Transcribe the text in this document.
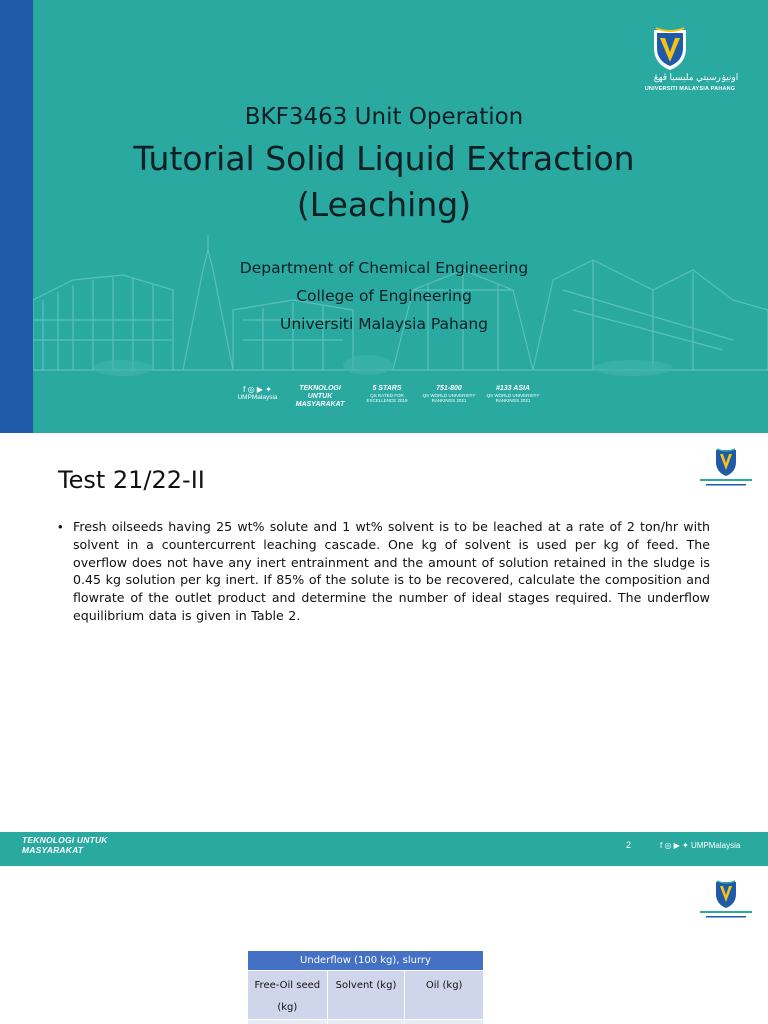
اونيۏرسيتي مليسيا ڤهڠ
UNIVERSITI MALAYSIA PAHANG
BKF3463 Unit Operation
Tutorial Solid Liquid Extraction (Leaching)
Department of Chemical Engineering
College of Engineering
Universiti Malaysia Pahang
f ◎ ▶ ✦
UMPMalaysia
TEKNOLOGI UNTUK MASYARAKAT
5 STARS
QS RATED FOR EXCELLENCE 2019
751-800
QS WORLD UNIVERSITY RANKINGS 2021
#133 ASIA
QS WORLD UNIVERSITY RANKINGS 2021
Test 21/22-II
• Fresh oilseeds having 25 wt% solute and 1 wt% solvent is to be leached at a rate of 2 ton/hr with solvent in a countercurrent leaching cascade. One kg of solvent is used per kg of feed. The overflow does not have any inert entrainment and the amount of solution retained in the sludge is 0.45 kg solution per kg inert. If 85% of the solute is to be recovered, calculate the composition and flowrate of the outlet product and determine the number of ideal stages required. The underflow equilibrium data is given in Table 2.

TEKNOLOGI UNTUK
MASYARAKAT	2	f ◎ ▶ ✦ UMPMalaysia
Underflow (100 kg), slurry		
Free-Oil seed (kg)	Solvent (kg)	Oil (kg)
